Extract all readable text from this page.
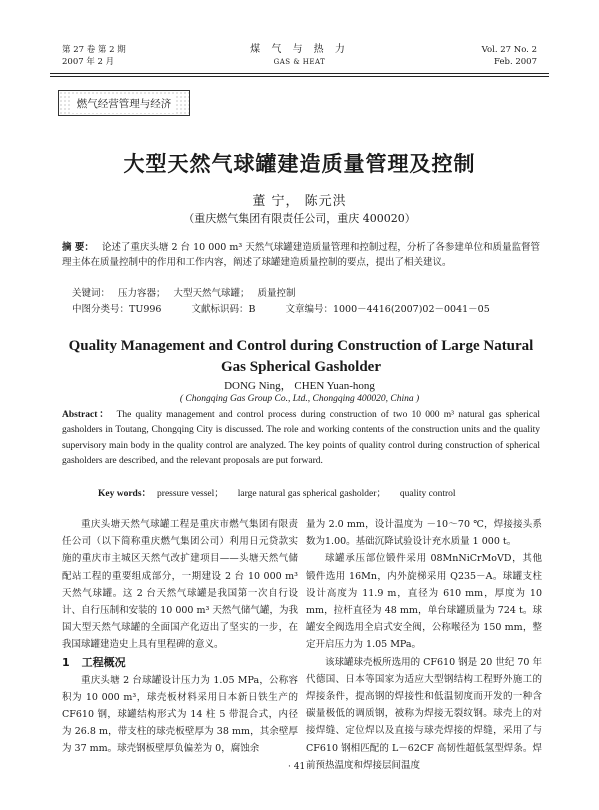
第 27 卷 第 2 期
2007 年 2 月
煤 气 与 热 力
GAS & HEAT
Vol. 27 No. 2
Feb. 2007
燃气经营管理与经济
大型天然气球罐建造质量管理及控制
董 宁， 陈元洪
（重庆燃气集团有限责任公司，重庆 400020）
摘 要： 论述了重庆头塘 2 台 10 000 m³ 天然气球罐建造质量管理和控制过程，分析了各参建单位和质量监督管理主体在质量控制中的作用和工作内容，阐述了球罐建造质量控制的要点，提出了相关建议。
关键词： 压力容器； 大型天然气球罐； 质量控制
中图分类号：TU996	文献标识码：B	文章编号：1000－4416(2007)02－0041－05
Quality Management and Control during Construction of Large Natural Gas Spherical Gasholder
DONG Ning， CHEN Yuan-hong
( Chongqing Gas Group Co., Ltd., Chongqing 400020, China )
Abstract： The quality management and control process during construction of two 10 000 m³ natural gas spherical gasholders in Toutang, Chongqing City is discussed. The role and working contents of the construction units and the quality supervisory main body in the quality control are analyzed. The key points of quality control during construction of spherical gasholders are described, and the relevant proposals are put forward.
Key words： pressure vessel； large natural gas spherical gasholder； quality control

重庆头塘天然气球罐工程是重庆市燃气集团有限责任公司（以下简称重庆燃气集团公司）利用日元贷款实施的重庆市主城区天然气改扩建项目——头塘天然气储配站工程的重要组成部分，一期建设 2 台 10 000 m³ 天然气球罐。这 2 台天然气球罐是我国第一次自行设计、自行压制和安装的 10 000 m³ 天然气储气罐，为我国大型天然气球罐的全面国产化迈出了坚实的一步，在我国球罐建造史上具有里程碑的意义。

1 工程概况

重庆头塘 2 台球罐设计压力为 1.05 MPa，公称容积为 10 000 m³，球壳板材料采用日本新日铁生产的 CF610 钢，球罐结构形式为 14 柱 5 带混合式，内径为 26.8 m，带支柱的球壳板壁厚为 38 mm，其余壁厚为 37 mm。球壳钢板壁厚负偏差为 0，腐蚀余

量为 2.0 mm，设计温度为 －10～70 ℃，焊接接头系数为1.00。基础沉降试验设计充水质量 1 000 t。

球罐承压部位锻件采用 08MnNiCrMoVD，其他锻件选用 16Mn，内外旋梯采用 Q235－A。球罐支柱设计高度为 11.9 m，直径为 610 mm，厚度为 10 mm，拉杆直径为 48 mm，单台球罐质量为 724 t。球罐安全阀选用全启式安全阀，公称喉径为 150 mm，整定开启压力为 1.05 MPa。

该球罐球壳板所选用的 CF610 钢是 20 世纪 70 年代德国、日本等国家为适应大型钢结构工程野外施工的焊接条件，提高钢的焊接性和低温韧度而开发的一种含碳量极低的调质钢，被称为焊接无裂纹钢。球壳上的对接焊缝、定位焊以及直接与球壳焊接的焊缝，采用了与 CF610 钢相匹配的 L－62CF 高韧性超低氢型焊条。焊前预热温度和焊接层间温度

· 41 ·
